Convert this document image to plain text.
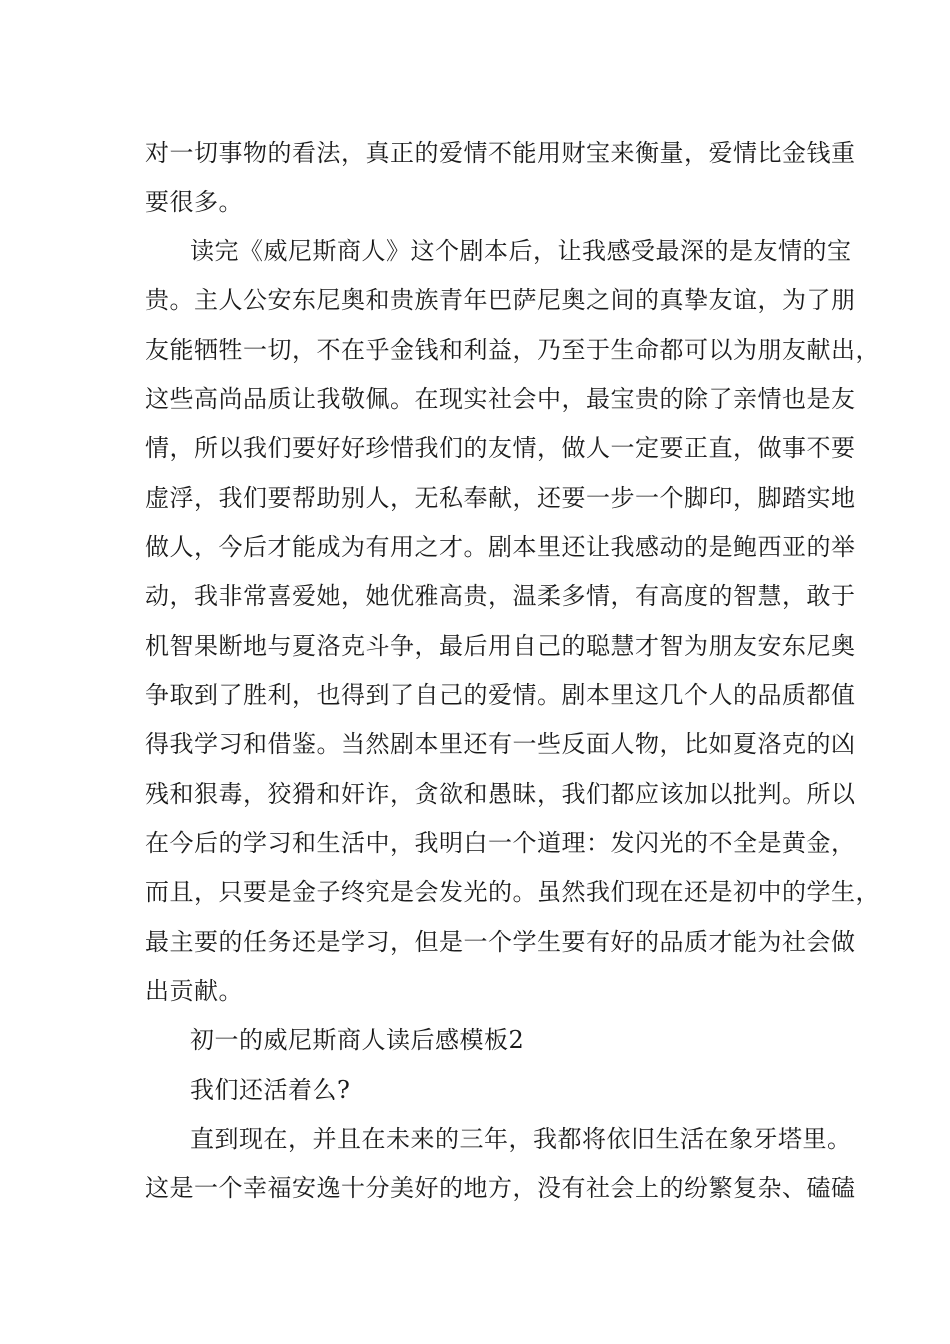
对一切事物的看法，真正的爱情不能用财宝来衡量，爱情比金钱重
要很多。
读完《威尼斯商人》这个剧本后，让我感受最深的是友情的宝
贵。主人公安东尼奥和贵族青年巴萨尼奥之间的真挚友谊，为了朋
友能牺牲一切，不在乎金钱和利益，乃至于生命都可以为朋友献出，
这些高尚品质让我敬佩。在现实社会中，最宝贵的除了亲情也是友
情，所以我们要好好珍惜我们的友情，做人一定要正直，做事不要
虚浮，我们要帮助别人，无私奉献，还要一步一个脚印，脚踏实地
做人，今后才能成为有用之才。剧本里还让我感动的是鲍西亚的举
动，我非常喜爱她，她优雅高贵，温柔多情，有高度的智慧，敢于
机智果断地与夏洛克斗争，最后用自己的聪慧才智为朋友安东尼奥
争取到了胜利，也得到了自己的爱情。剧本里这几个人的品质都值
得我学习和借鉴。当然剧本里还有一些反面人物，比如夏洛克的凶
残和狠毒，狡猾和奸诈，贪欲和愚昧，我们都应该加以批判。所以
在今后的学习和生活中，我明白一个道理：发闪光的不全是黄金，
而且，只要是金子终究是会发光的。虽然我们现在还是初中的学生，
最主要的任务还是学习，但是一个学生要有好的品质才能为社会做
出贡献。
初一的威尼斯商人读后感模板2
我们还活着么?
直到现在，并且在未来的三年，我都将依旧生活在象牙塔里。
这是一个幸福安逸十分美好的地方，没有社会上的纷繁复杂、磕磕
